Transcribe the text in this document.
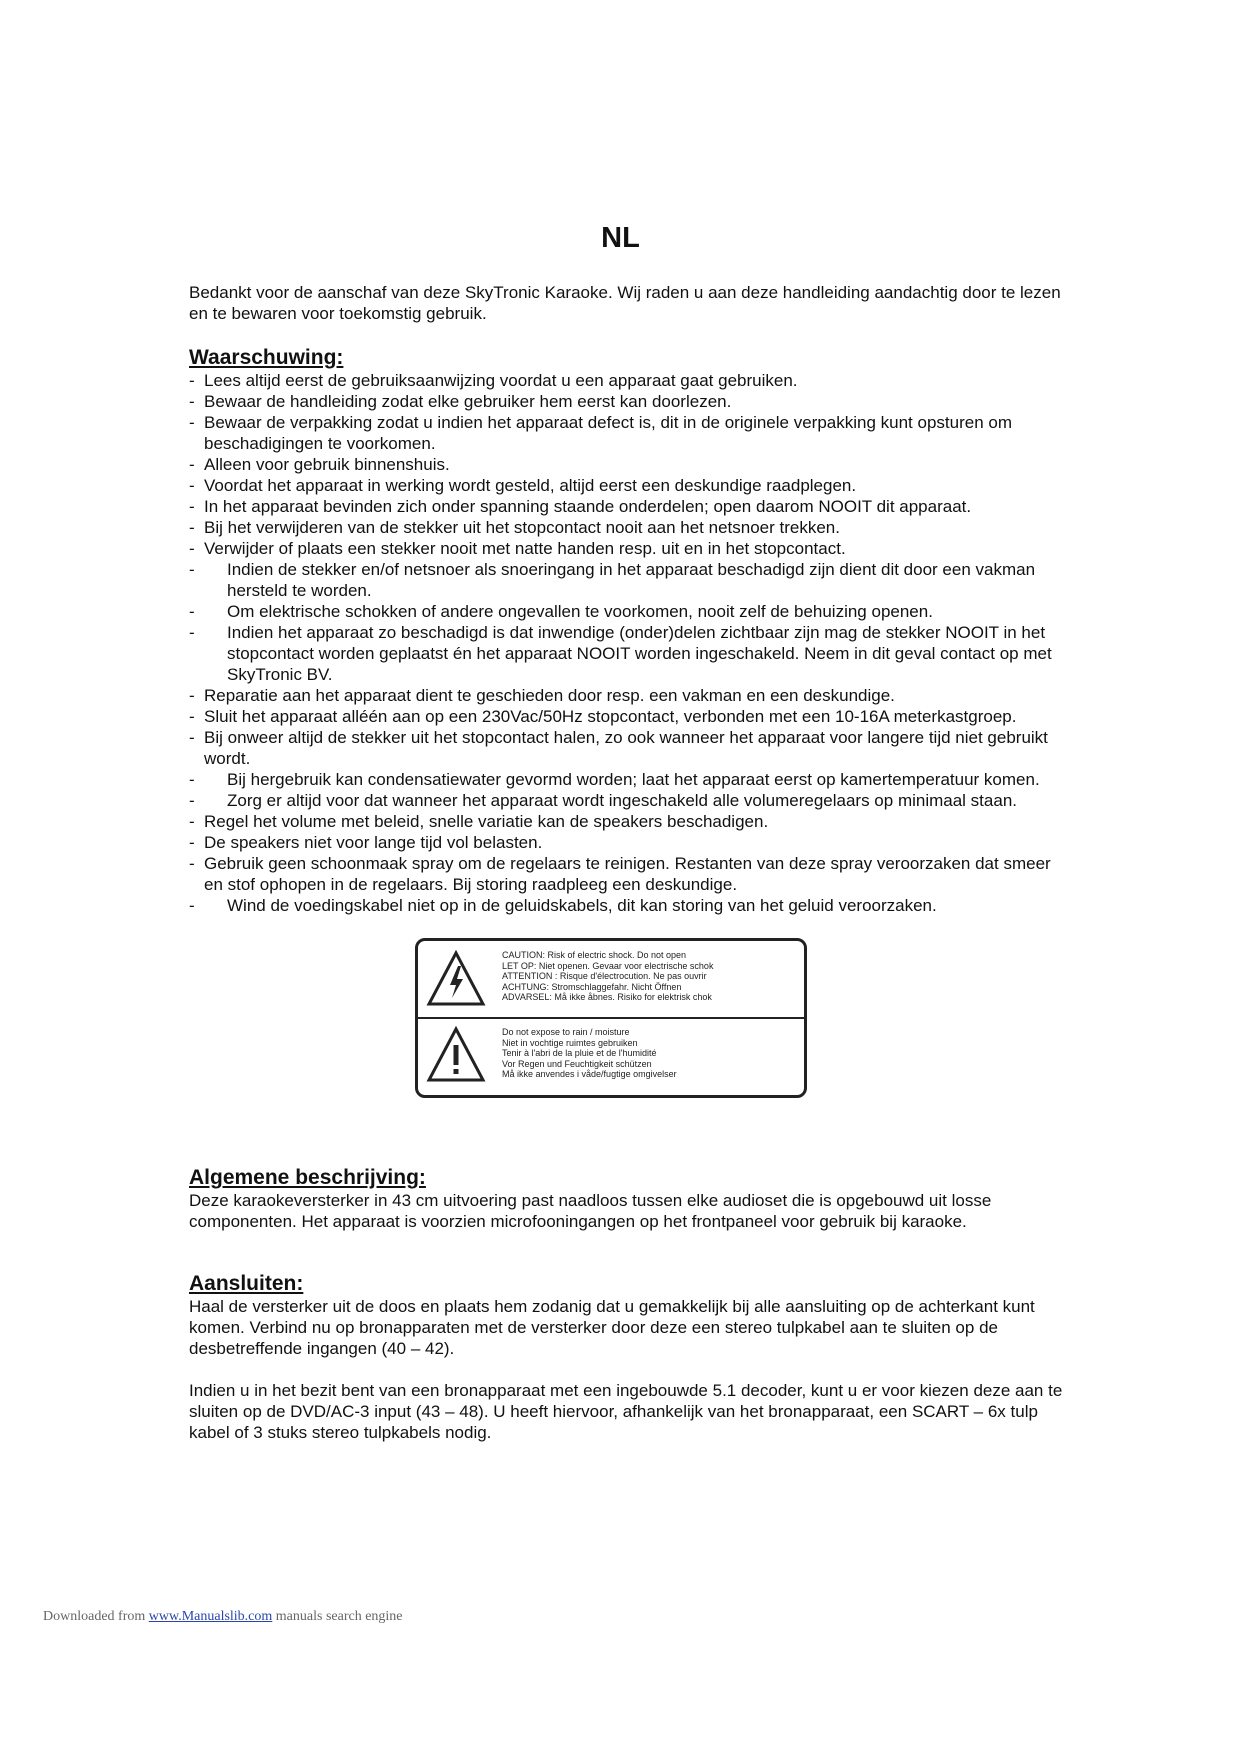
NL

Bedankt voor de aanschaf van deze SkyTronic Karaoke. Wij raden u aan deze handleiding aandachtig door te lezen en te bewaren voor toekomstig gebruik.

Waarschuwing:
- Lees altijd eerst de gebruiksaanwijzing voordat u een apparaat gaat gebruiken.
- Bewaar de handleiding zodat elke gebruiker hem eerst kan doorlezen.
- Bewaar de verpakking zodat u indien het apparaat defect is, dit in de originele verpakking kunt opsturen om beschadigingen te voorkomen.
- Alleen voor gebruik binnenshuis.
- Voordat het apparaat in werking wordt gesteld, altijd eerst een deskundige raadplegen.
- In het apparaat bevinden zich onder spanning staande onderdelen; open daarom NOOIT dit apparaat.
- Bij het verwijderen van de stekker uit het stopcontact nooit aan het netsnoer trekken.
- Verwijder of plaats een stekker nooit met natte handen resp. uit en in het stopcontact.
- Indien de stekker en/of netsnoer als snoeringang in het apparaat beschadigd zijn dient dit door een vakman hersteld te worden.
- Om elektrische schokken of andere ongevallen te voorkomen, nooit zelf de behuizing openen.
- Indien het apparaat zo beschadigd is dat inwendige (onder)delen zichtbaar zijn mag de stekker NOOIT in het stopcontact worden geplaatst én het apparaat NOOIT worden ingeschakeld. Neem in dit geval contact op met SkyTronic BV.
- Reparatie aan het apparaat dient te geschieden door resp. een vakman en een deskundige.
- Sluit het apparaat alléén aan op een 230Vac/50Hz stopcontact, verbonden met een 10-16A meterkastgroep.
- Bij onweer altijd de stekker uit het stopcontact halen, zo ook wanneer het apparaat voor langere tijd niet gebruikt wordt.
- Bij hergebruik kan condensatiewater gevormd worden; laat het apparaat eerst op kamertemperatuur komen.
- Zorg er altijd voor dat wanneer het apparaat wordt ingeschakeld alle volumeregelaars op minimaal staan.
- Regel het volume met beleid, snelle variatie kan de speakers beschadigen.
- De speakers niet voor lange tijd vol belasten.
- Gebruik geen schoonmaak spray om de regelaars te reinigen. Restanten van deze spray veroorzaken dat smeer en stof ophopen in de regelaars. Bij storing raadpleeg een deskundige.
- Wind de voedingskabel niet op in de geluidskabels, dit kan storing van het geluid veroorzaken.
CAUTION: Risk of electric shock. Do not open
LET OP: Niet openen. Gevaar voor electrische schok
ATTENTION : Risque d'électrocution. Ne pas ouvrir
ACHTUNG: Stromschlaggefahr. Nicht Öffnen
ADVARSEL: Må ikke åbnes. Risiko for elektrisk chok
Do not expose to rain / moisture
Niet in vochtige ruimtes gebruiken
Tenir à l'abri de la pluie et de l'humidité
Vor Regen und Feuchtigkeit schützen
Må ikke anvendes i våde/fugtige omgivelser
Algemene beschrijving:

Deze karaokeversterker in 43 cm uitvoering past naadloos tussen elke audioset die is opgebouwd uit losse componenten. Het apparaat is voorzien microfooningangen op het frontpaneel voor gebruik bij karaoke.

Aansluiten:

Haal de versterker uit de doos en plaats hem zodanig dat u gemakkelijk bij alle aansluiting op de achterkant kunt komen. Verbind nu op bronapparaten met de versterker door deze een stereo tulpkabel aan te sluiten op de desbetreffende ingangen (40 – 42).

Indien u in het bezit bent van een bronapparaat met een ingebouwde 5.1 decoder, kunt u er voor kiezen deze aan te sluiten op de DVD/AC-3 input (43 – 48). U heeft hiervoor, afhankelijk van het bronapparaat, een SCART – 6x tulp kabel of 3 stuks stereo tulpkabels nodig.

Downloaded from www.Manualslib.com manuals search engine
